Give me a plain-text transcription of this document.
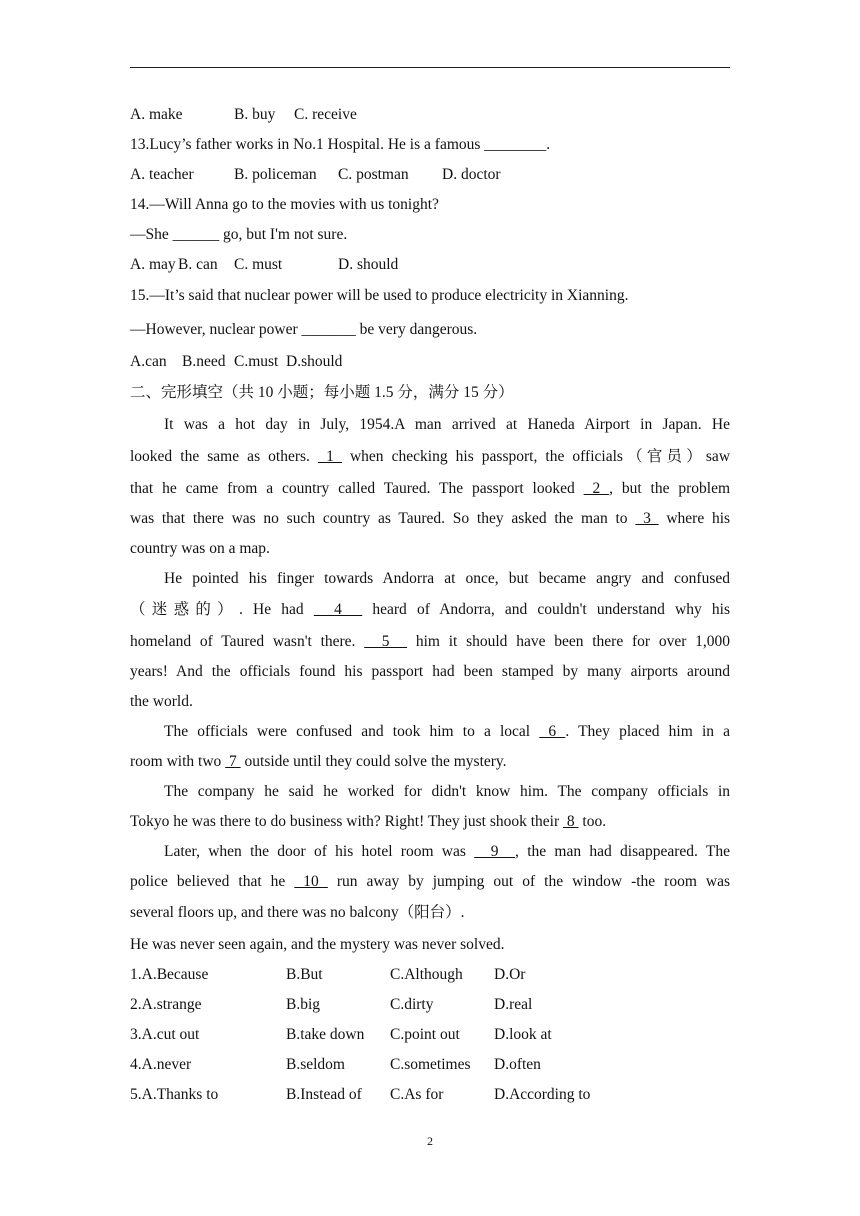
A. make	B. buy C. receive
13.Lucy’s father works in No.1 Hospital. He is a famous ________.
A. teacher	B. policeman C. postman D. doctor
14.—Will Anna go to the movies with us tonight?
—She ______ go, but I'm not sure.
A. may B. can C. must	D. should
15.—It’s said that nuclear power will be used to produce electricity in Xianning.
—However, nuclear power _______ be very dangerous.
A.can B.need C.must D.should
二、完形填空（共 10 小题；每小题 1.5 分，满分 15 分）
It was a hot day in July, 1954.A man arrived at Haneda Airport in Japan. He
looked the same as others.  1  when checking his passport, the officials（官员）saw
that he came from a country called Taured. The passport looked  2 , but the problem
was that there was no such country as Taured. So they asked the man to  3  where his
country was on a map.
He pointed his finger towards Andorra at once, but became angry and confused
（迷惑的）. He had   4   heard of Andorra, and couldn't understand why his
homeland of Taured wasn't there.   5   him it should have been there for over 1,000
years! And the officials found his passport had been stamped by many airports around
the world.
The officials were confused and took him to a local  6 . They placed him in a
room with two  7  outside until they could solve the mystery.
The company he said he worked for didn't know him. The company officials in
Tokyo he was there to do business with? Right! They just shook their  8  too.
Later, when the door of his hotel room was   9  , the man had disappeared. The
police believed that he  10  run away by jumping out of the window -the room was
several floors up, and there was no balcony（阳台）.
He was never seen again, and the mystery was never solved.
1.A.Because	B.But	C.Although D.Or
2.A.strange	B.big	C.dirty	D.real
3.A.cut out	B.take down C.point out D.look at
4.A.never	B.seldom	C.sometimes D.often
5.A.Thanks to	B.Instead of C.As for	D.According to
2
